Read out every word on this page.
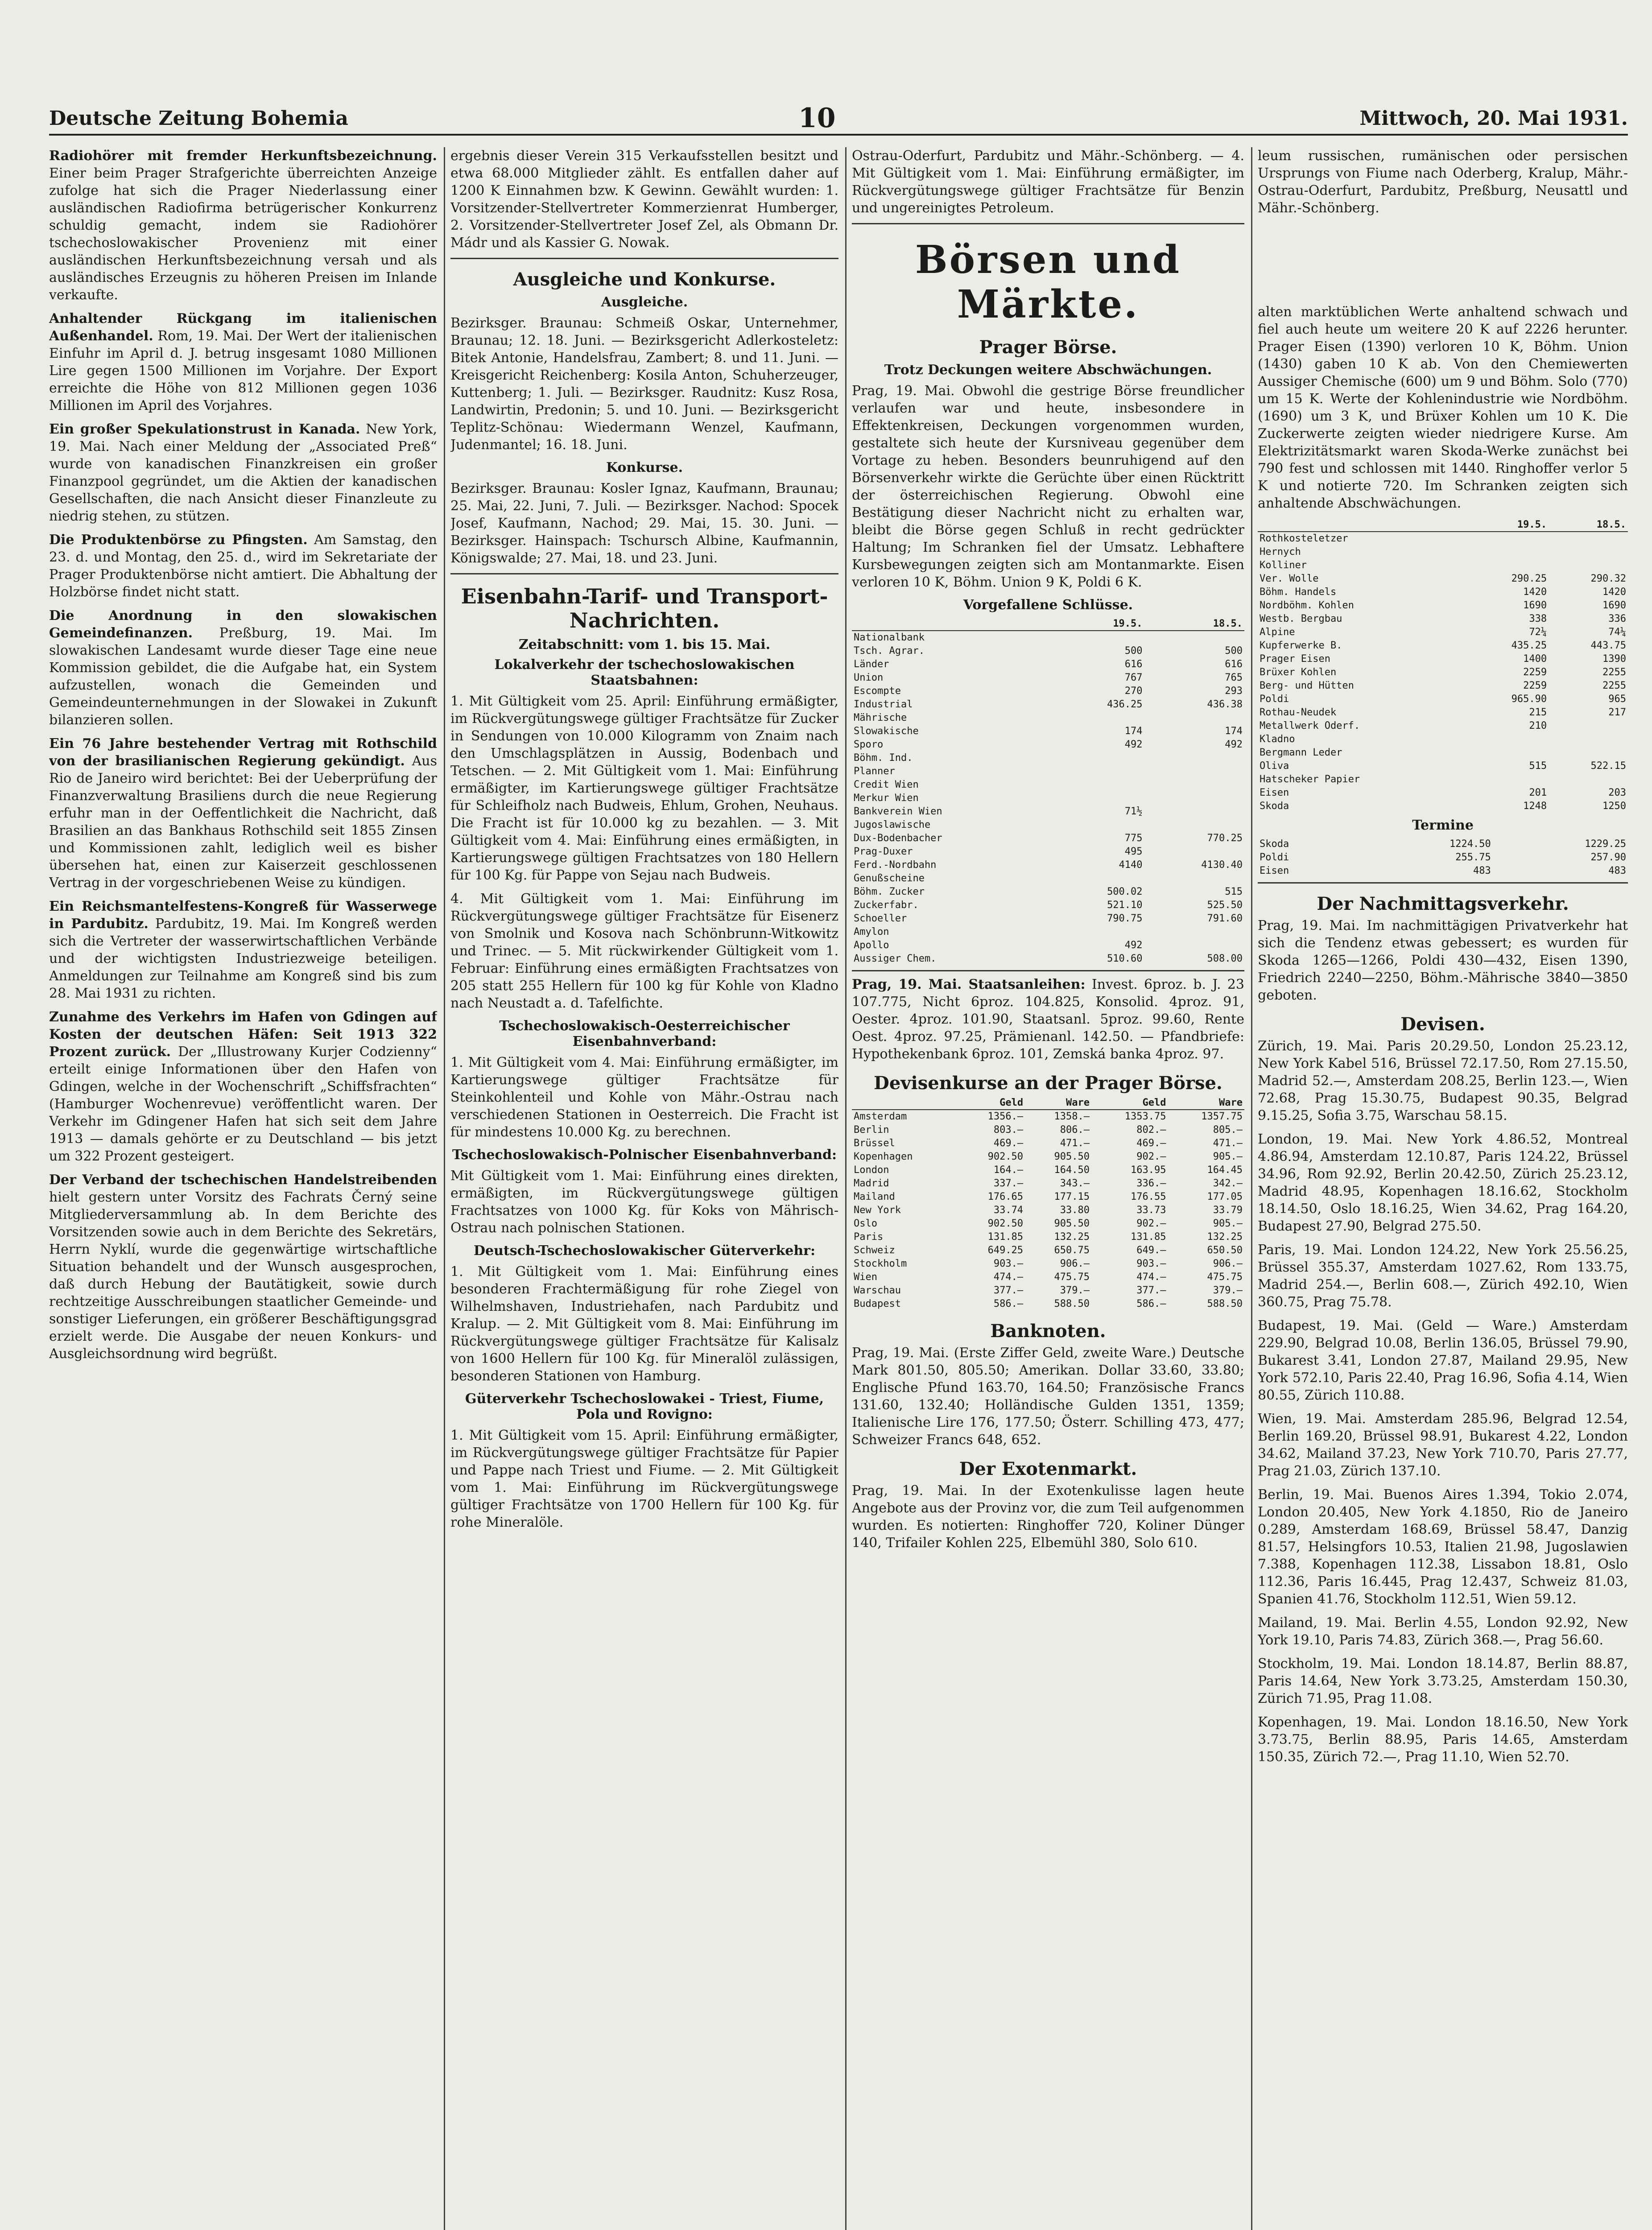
Deutsche Zeitung Bohemia	10	Mittwoch, 20. Mai 1931.

Radiohörer mit fremder Herkunftsbezeichnung. Einer beim Prager Strafgerichte überreichten Anzeige zufolge hat sich die Prager Niederlassung einer ausländischen Radiofirma betrügerischer Konkurrenz schuldig gemacht, indem sie Radiohörer tschechoslowakischer Provenienz mit einer ausländischen Herkunftsbezeichnung versah und als ausländisches Erzeugnis zu höheren Preisen im Inlande verkaufte.

Anhaltender Rückgang im italienischen Außenhandel. Rom, 19. Mai. Der Wert der italienischen Einfuhr im April d. J. betrug insgesamt 1080 Millionen Lire gegen 1500 Millionen im Vorjahre. Der Export erreichte die Höhe von 812 Millionen gegen 1036 Millionen im April des Vorjahres.

Ein großer Spekulationstrust in Kanada. New York, 19. Mai. Nach einer Meldung der „Associated Preß“ wurde von kanadischen Finanzkreisen ein großer Finanzpool gegründet, um die Aktien der kanadischen Gesellschaften, die nach Ansicht dieser Finanzleute zu niedrig stehen, zu stützen.

Die Produktenbörse zu Pfingsten. Am Samstag, den 23. d. und Montag, den 25. d., wird im Sekretariate der Prager Produktenbörse nicht amtiert. Die Abhaltung der Holzbörse findet nicht statt.

Die Anordnung in den slowakischen Gemeindefinanzen. Preßburg, 19. Mai. Im slowakischen Landesamt wurde dieser Tage eine neue Kommission gebildet, die die Aufgabe hat, ein System aufzustellen, wonach die Gemeinden und Gemeindeunternehmungen in der Slowakei in Zukunft bilanzieren sollen.

Ein 76 Jahre bestehender Vertrag mit Rothschild von der brasilianischen Regierung gekündigt. Aus Rio de Janeiro wird berichtet: Bei der Ueberprüfung der Finanzverwaltung Brasiliens durch die neue Regierung erfuhr man in der Oeffentlichkeit die Nachricht, daß Brasilien an das Bankhaus Rothschild seit 1855 Zinsen und Kommissionen zahlt, lediglich weil es bisher übersehen hat, einen zur Kaiserzeit geschlossenen Vertrag in der vorgeschriebenen Weise zu kündigen.

Ein Reichsmantelfestens-Kongreß für Wasserwege in Pardubitz. Pardubitz, 19. Mai. Im Kongreß werden sich die Vertreter der wasserwirtschaftlichen Verbände und der wichtigsten Industriezweige beteiligen. Anmeldungen zur Teilnahme am Kongreß sind bis zum 28. Mai 1931 zu richten.

Zunahme des Verkehrs im Hafen von Gdingen auf Kosten der deutschen Häfen: Seit 1913 322 Prozent zurück. Der „Illustrowany Kurjer Codzienny“ erteilt einige Informationen über den Hafen von Gdingen, welche in der Wochenschrift „Schiffsfrachten“ (Hamburger Wochenrevue) veröffentlicht waren. Der Verkehr im Gdingener Hafen hat sich seit dem Jahre 1913 — damals gehörte er zu Deutschland — bis jetzt um 322 Prozent gesteigert.

Der Verband der tschechischen Handelstreibenden hielt gestern unter Vorsitz des Fachrats Černý seine Mitgliederversammlung ab. In dem Berichte des Vorsitzenden sowie auch in dem Berichte des Sekretärs, Herrn Nyklí, wurde die gegenwärtige wirtschaftliche Situation behandelt und der Wunsch ausgesprochen, daß durch Hebung der Bautätigkeit, sowie durch rechtzeitige Ausschreibungen staatlicher Gemeinde- und sonstiger Lieferungen, ein größerer Beschäftigungsgrad erzielt werde. Die Ausgabe der neuen Konkurs- und Ausgleichsordnung wird begrüßt.

ergebnis dieser Verein 315 Verkaufsstellen besitzt und etwa 68.000 Mitglieder zählt. Es entfallen daher auf 1200 K Einnahmen bzw. K Gewinn. Gewählt wurden: 1. Vorsitzender-Stellvertreter Kommerzienrat Humberger, 2. Vorsitzender-Stellvertreter Josef Zel, als Obmann Dr. Mádr und als Kassier G. Nowak.

Ausgleiche und Konkurse.
Ausgleiche.

Bezirksger. Braunau: Schmeiß Oskar, Unternehmer, Braunau; 12. 18. Juni. — Bezirksgericht Adlerkosteletz: Bitek Antonie, Handelsfrau, Zambert; 8. und 11. Juni. — Kreisgericht Reichenberg: Kosila Anton, Schuherzeuger, Kuttenberg; 1. Juli. — Bezirksger. Raudnitz: Kusz Rosa, Landwirtin, Predonin; 5. und 10. Juni. — Bezirksgericht Teplitz-Schönau: Wiedermann Wenzel, Kaufmann, Judenmantel; 16. 18. Juni.

Konkurse.

Bezirksger. Braunau: Kosler Ignaz, Kaufmann, Braunau; 25. Mai, 22. Juni, 7. Juli. — Bezirksger. Nachod: Spocek Josef, Kaufmann, Nachod; 29. Mai, 15. 30. Juni. — Bezirksger. Hainspach: Tschursch Albine, Kaufmannin, Königswalde; 27. Mai, 18. und 23. Juni.

Eisenbahn-Tarif- und Transport-Nachrichten.
Zeitabschnitt: vom 1. bis 15. Mai.
Lokalverkehr der tschechoslowakischen Staatsbahnen:

1. Mit Gültigkeit vom 25. April: Einführung ermäßigter, im Rückvergütungswege gültiger Frachtsätze für Zucker in Sendungen von 10.000 Kilogramm von Znaim nach den Umschlagsplätzen in Aussig, Bodenbach und Tetschen. — 2. Mit Gültigkeit vom 1. Mai: Einführung ermäßigter, im Kartierungswege gültiger Frachtsätze für Schleifholz nach Budweis, Ehlum, Grohen, Neuhaus. Die Fracht ist für 10.000 kg zu bezahlen. — 3. Mit Gültigkeit vom 4. Mai: Einführung eines ermäßigten, in Kartierungswege gültigen Frachtsatzes von 180 Hellern für 100 Kg. für Pappe von Sejau nach Budweis.

4. Mit Gültigkeit vom 1. Mai: Einführung im Rückvergütungswege gültiger Frachtsätze für Eisenerz von Smolnik und Kosova nach Schönbrunn-Witkowitz und Trinec. — 5. Mit rückwirkender Gültigkeit vom 1. Februar: Einführung eines ermäßigten Frachtsatzes von 205 statt 255 Hellern für 100 kg für Kohle von Kladno nach Neustadt a. d. Tafelfichte.

Tschechoslowakisch-Oesterreichischer Eisenbahnverband:

1. Mit Gültigkeit vom 4. Mai: Einführung ermäßigter, im Kartierungswege gültiger Frachtsätze für Steinkohlenteil und Kohle von Mähr.-Ostrau nach verschiedenen Stationen in Oesterreich. Die Fracht ist für mindestens 10.000 Kg. zu berechnen.

Tschechoslowakisch-Polnischer Eisenbahnverband:

Mit Gültigkeit vom 1. Mai: Einführung eines direkten, ermäßigten, im Rückvergütungswege gültigen Frachtsatzes von 1000 Kg. für Koks von Mährisch-Ostrau nach polnischen Stationen.

Deutsch-Tschechoslowakischer Güterverkehr:

1. Mit Gültigkeit vom 1. Mai: Einführung eines besonderen Frachtermäßigung für rohe Ziegel von Wilhelmshaven, Industriehafen, nach Pardubitz und Kralup. — 2. Mit Gültigkeit vom 8. Mai: Einführung im Rückvergütungswege gültiger Frachtsätze für Kalisalz von 1600 Hellern für 100 Kg. für Mineralöl zulässigen, besonderen Stationen von Hamburg.

Güterverkehr Tschechoslowakei - Triest, Fiume, Pola und Rovigno:

1. Mit Gültigkeit vom 15. April: Einführung ermäßigter, im Rückvergütungswege gültiger Frachtsätze für Papier und Pappe nach Triest und Fiume. — 2. Mit Gültigkeit vom 1. Mai: Einführung im Rückvergütungswege gültiger Frachtsätze von 1700 Hellern für 100 Kg. für rohe Mineralöle.

Ostrau-Oderfurt, Pardubitz und Mähr.-Schönberg. — 4. Mit Gültigkeit vom 1. Mai: Einführung ermäßigter, im Rückvergütungswege gültiger Frachtsätze für Benzin und ungereinigtes Petroleum.

Börsen und Märkte.
Prager Börse.
Trotz Deckungen weitere Abschwächungen.

Prag, 19. Mai. Obwohl die gestrige Börse freundlicher verlaufen war und heute, insbesondere in Effektenkreisen, Deckungen vorgenommen wurden, gestaltete sich heute der Kursniveau gegenüber dem Vortage zu heben. Besonders beunruhigend auf den Börsenverkehr wirkte die Gerüchte über einen Rücktritt der österreichischen Regierung. Obwohl eine Bestätigung dieser Nachricht nicht zu erhalten war, bleibt die Börse gegen Schluß in recht gedrückter Haltung; Im Schranken fiel der Umsatz. Lebhaftere Kursbewegungen zeigten sich am Montanmarkte. Eisen verloren 10 K, Böhm. Union 9 K, Poldi 6 K.

Vorgefallene Schlüsse.
	19.5.	18.5.
Nationalbank		
Tsch. Agrar.	500	500
Länder	616	616
Union	767	765
Escompte	270	293
Industrial	436.25	436.38
Mährische		
Slowakische	174	174
Sporo	492	492
Böhm. Ind.		
Planner		
Credit Wien		
Merkur Wien		
Bankverein Wien	71½	
Jugoslawische		
Dux-Bodenbacher	775	770.25
Prag-Duxer	495	
Ferd.-Nordbahn	4140	4130.40
Genußscheine		
Böhm. Zucker	500.02	515
Zuckerfabr.	521.10	525.50
Schoeller	790.75	791.60
Amylon		
Apollo	492	
Aussiger Chem.	510.60	508.00

Prag, 19. Mai. Staatsanleihen: Invest. 6proz. b. J. 23 107.775, Nicht 6proz. 104.825, Konsolid. 4proz. 91, Oester. 4proz. 101.90, Staatsanl. 5proz. 99.60, Rente Oest. 4proz. 97.25, Prämienanl. 142.50. — Pfandbriefe: Hypothekenbank 6proz. 101, Zemská banka 4proz. 97.

Devisenkurse an der Prager Börse.
	Geld	Ware	Geld	Ware
Amsterdam	1356.—	1358.—	1353.75	1357.75
Berlin	803.—	806.—	802.—	805.—
Brüssel	469.—	471.—	469.—	471.—
Kopenhagen	902.50	905.50	902.—	905.—
London	164.—	164.50	163.95	164.45
Madrid	337.—	343.—	336.—	342.—
Mailand	176.65	177.15	176.55	177.05
New York	33.74	33.80	33.73	33.79
Oslo	902.50	905.50	902.—	905.—
Paris	131.85	132.25	131.85	132.25
Schweiz	649.25	650.75	649.—	650.50
Stockholm	903.—	906.—	903.—	906.—
Wien	474.—	475.75	474.—	475.75
Warschau	377.—	379.—	377.—	379.—
Budapest	586.—	588.50	586.—	588.50
Banknoten.

Prag, 19. Mai. (Erste Ziffer Geld, zweite Ware.) Deutsche Mark 801.50, 805.50; Amerikan. Dollar 33.60, 33.80; Englische Pfund 163.70, 164.50; Französische Francs 131.60, 132.40; Holländische Gulden 1351, 1359; Italienische Lire 176, 177.50; Österr. Schilling 473, 477; Schweizer Francs 648, 652.

Der Exotenmarkt.

Prag, 19. Mai. In der Exotenkulisse lagen heute Angebote aus der Provinz vor, die zum Teil aufgenommen wurden. Es notierten: Ringhoffer 720, Koliner Dünger 140, Trifailer Kohlen 225, Elbemühl 380, Solo 610.

leum russischen, rumänischen oder persischen Ursprungs von Fiume nach Oderberg, Kralup, Mähr.-Ostrau-Oderfurt, Pardubitz, Preßburg, Neusattl und Mähr.-Schönberg.

alten marktüblichen Werte anhaltend schwach und fiel auch heute um weitere 20 K auf 2226 herunter. Prager Eisen (1390) verloren 10 K, Böhm. Union (1430) gaben 10 K ab. Von den Chemiewerten Aussiger Chemische (600) um 9 und Böhm. Solo (770) um 15 K. Werte der Kohlenindustrie wie Nordböhm. (1690) um 3 K, und Brüxer Kohlen um 10 K. Die Zuckerwerte zeigten wieder niedrigere Kurse. Am Elektrizitätsmarkt waren Skoda-Werke zunächst bei 790 fest und schlossen mit 1440. Ringhoffer verlor 5 K und notierte 720. Im Schranken zeigten sich anhaltende Abschwächungen.

	19.5.	18.5.
Rothkosteletzer		
Hernych		
Kolliner		
Ver. Wolle	290.25	290.32
Böhm. Handels	1420	1420
Nordböhm. Kohlen	1690	1690
Westb. Bergbau	338	336
Alpine	72¼	74¼
Kupferwerke B.	435.25	443.75
Prager Eisen	1400	1390
Brüxer Kohlen	2259	2255
Berg- und Hütten	2259	2255
Poldi	965.90	965
Rothau-Neudek	215	217
Metallwerk Oderf.	210	
Kladno		
Bergmann Leder		
Oliva	515	522.15
Hatscheker Papier		
Eisen	201	203
Skoda	1248	1250
Termine
Skoda	1224.50	1229.25
Poldi	255.75	257.90
Eisen	483	483
Der Nachmittagsverkehr.

Prag, 19. Mai. Im nachmittägigen Privatverkehr hat sich die Tendenz etwas gebessert; es wurden für Skoda 1265—1266, Poldi 430—432, Eisen 1390, Friedrich 2240—2250, Böhm.-Mährische 3840—3850 geboten.

Devisen.

Zürich, 19. Mai. Paris 20.29.50, London 25.23.12, New York Kabel 516, Brüssel 72.17.50, Rom 27.15.50, Madrid 52.—, Amsterdam 208.25, Berlin 123.—, Wien 72.68, Prag 15.30.75, Budapest 90.35, Belgrad 9.15.25, Sofia 3.75, Warschau 58.15.

London, 19. Mai. New York 4.86.52, Montreal 4.86.94, Amsterdam 12.10.87, Paris 124.22, Brüssel 34.96, Rom 92.92, Berlin 20.42.50, Zürich 25.23.12, Madrid 48.95, Kopenhagen 18.16.62, Stockholm 18.14.50, Oslo 18.16.25, Wien 34.62, Prag 164.20, Budapest 27.90, Belgrad 275.50.

Paris, 19. Mai. London 124.22, New York 25.56.25, Brüssel 355.37, Amsterdam 1027.62, Rom 133.75, Madrid 254.—, Berlin 608.—, Zürich 492.10, Wien 360.75, Prag 75.78.

Budapest, 19. Mai. (Geld — Ware.) Amsterdam 229.90, Belgrad 10.08, Berlin 136.05, Brüssel 79.90, Bukarest 3.41, London 27.87, Mailand 29.95, New York 572.10, Paris 22.40, Prag 16.96, Sofia 4.14, Wien 80.55, Zürich 110.88.

Wien, 19. Mai. Amsterdam 285.96, Belgrad 12.54, Berlin 169.20, Brüssel 98.91, Bukarest 4.22, London 34.62, Mailand 37.23, New York 710.70, Paris 27.77, Prag 21.03, Zürich 137.10.

Berlin, 19. Mai. Buenos Aires 1.394, Tokio 2.074, London 20.405, New York 4.1850, Rio de Janeiro 0.289, Amsterdam 168.69, Brüssel 58.47, Danzig 81.57, Helsingfors 10.53, Italien 21.98, Jugoslawien 7.388, Kopenhagen 112.38, Lissabon 18.81, Oslo 112.36, Paris 16.445, Prag 12.437, Schweiz 81.03, Spanien 41.76, Stockholm 112.51, Wien 59.12.

Mailand, 19. Mai. Berlin 4.55, London 92.92, New York 19.10, Paris 74.83, Zürich 368.—, Prag 56.60.

Stockholm, 19. Mai. London 18.14.87, Berlin 88.87, Paris 14.64, New York 3.73.25, Amsterdam 150.30, Zürich 71.95, Prag 11.08.

Kopenhagen, 19. Mai. London 18.16.50, New York 3.73.75, Berlin 88.95, Paris 14.65, Amsterdam 150.35, Zürich 72.—, Prag 11.10, Wien 52.70.
